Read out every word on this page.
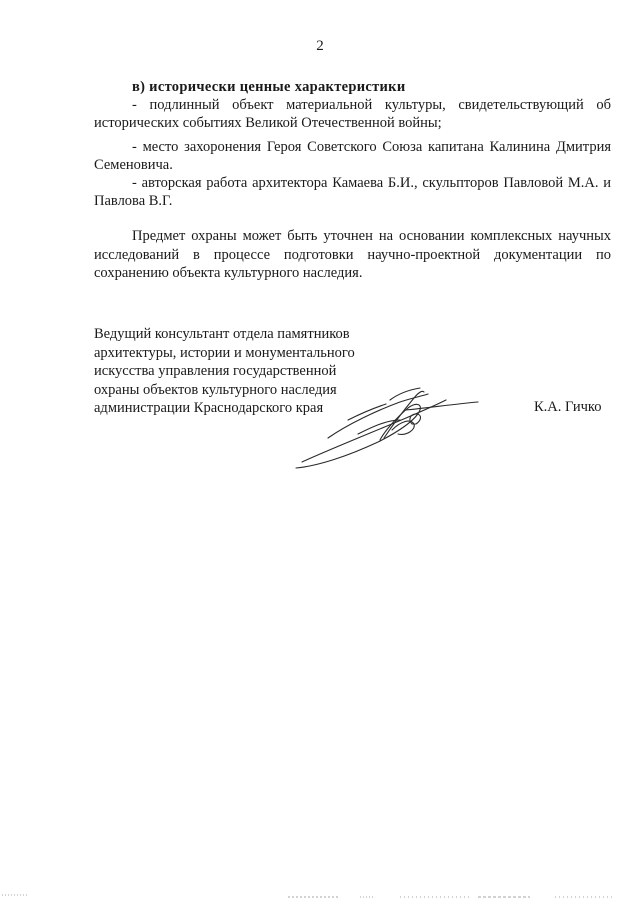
2
в) исторически ценные характеристики
- подлинный объект материальной культуры, свидетельствующий об исторических событиях Великой Отечественной войны;
- место захоронения Героя Советского Союза капитана Калинина Дмитрия Семеновича.
- авторская работа архитектора Камаева Б.И., скульпторов Павловой М.А. и Павлова В.Г.
Предмет охраны может быть уточнен на основании комплексных научных исследований в процессе подготовки научно-проектной документации по сохранению объекта культурного наследия.
Ведущий консультант отдела памятников
архитектуры, истории и монументального
искусства управления государственной
охраны объектов культурного наследия
администрации Краснодарского края	К.А. Гичко
